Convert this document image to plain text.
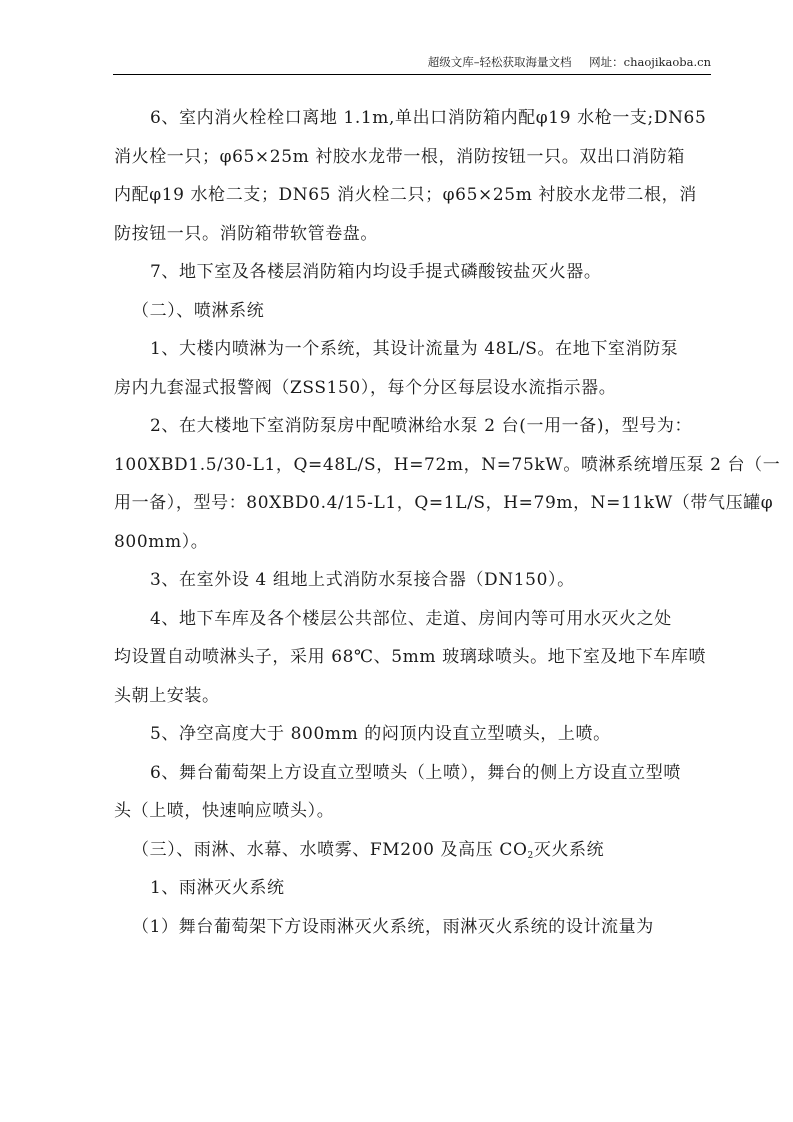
超级文库–轻松获取海量文档 网址：chaojikaoba.cn

6、室内消火栓栓口离地 1.1m,单出口消防箱内配φ19 水枪一支;DN65

消火栓一只；φ65×25m 衬胶水龙带一根，消防按钮一只。双出口消防箱

内配φ19 水枪二支；DN65 消火栓二只；φ65×25m 衬胶水龙带二根，消

防按钮一只。消防箱带软管卷盘。

7、地下室及各楼层消防箱内均设手提式磷酸铵盐灭火器。

（二）、喷淋系统

1、大楼内喷淋为一个系统，其设计流量为 48L/S。在地下室消防泵

房内九套湿式报警阀（ZSS150），每个分区每层设水流指示器。

2、在大楼地下室消防泵房中配喷淋给水泵 2 台(一用一备)，型号为：

100XBD1.5/30-L1，Q=48L/S，H=72m，N=75kW。喷淋系统增压泵 2 台（一

用一备），型号：80XBD0.4/15-L1，Q=1L/S，H=79m，N=11kW（带气压罐φ

800mm）。

3、在室外设 4 组地上式消防水泵接合器（DN150）。

4、地下车库及各个楼层公共部位、走道、房间内等可用水灭火之处

均设置自动喷淋头子，采用 68℃、5mm 玻璃球喷头。地下室及地下车库喷

头朝上安装。

5、净空高度大于 800mm 的闷顶内设直立型喷头，上喷。

6、舞台葡萄架上方设直立型喷头（上喷），舞台的侧上方设直立型喷

头（上喷，快速响应喷头）。

（三）、雨淋、水幕、水喷雾、FM200 及高压 $CO_2$灭火系统

1、雨淋灭火系统

（1）舞台葡萄架下方设雨淋灭火系统，雨淋灭火系统的设计流量为
